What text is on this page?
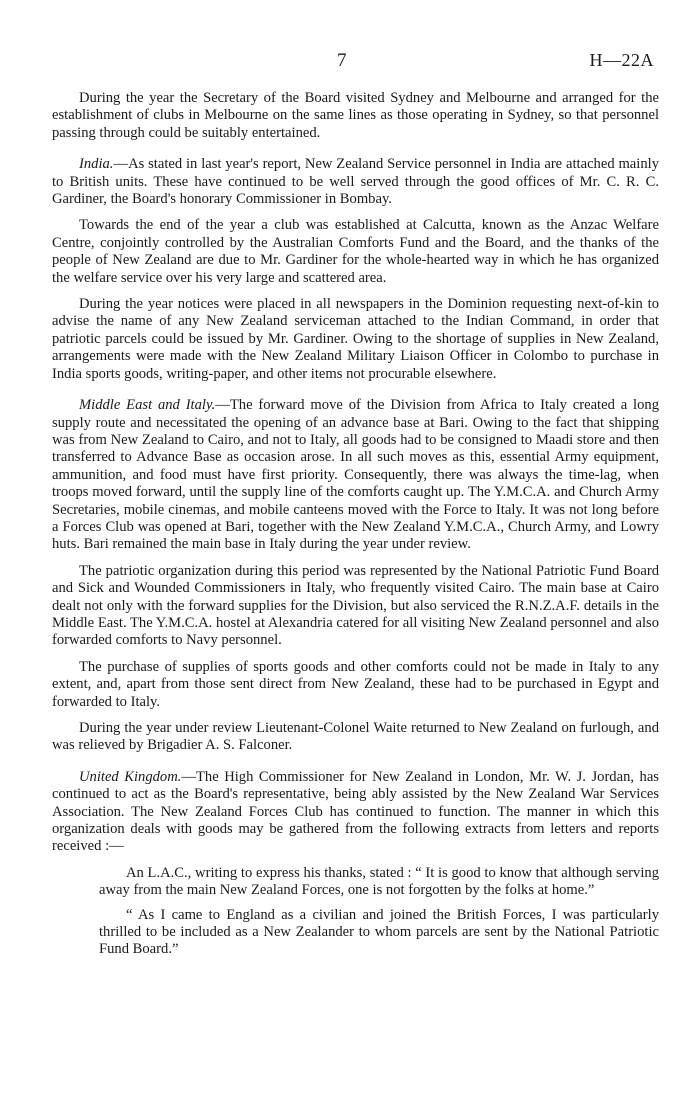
7	H—22A

During the year the Secretary of the Board visited Sydney and Melbourne and arranged for the establishment of clubs in Melbourne on the same lines as those operating in Sydney, so that personnel passing through could be suitably entertained.

India.—As stated in last year's report, New Zealand Service personnel in India are attached mainly to British units. These have continued to be well served through the good offices of Mr. C. R. C. Gardiner, the Board's honorary Commissioner in Bombay.

Towards the end of the year a club was established at Calcutta, known as the Anzac Welfare Centre, conjointly controlled by the Australian Comforts Fund and the Board, and the thanks of the people of New Zealand are due to Mr. Gardiner for the whole-hearted way in which he has organized the welfare service over his very large and scattered area.

During the year notices were placed in all newspapers in the Dominion requesting next-of-kin to advise the name of any New Zealand serviceman attached to the Indian Command, in order that patriotic parcels could be issued by Mr. Gardiner. Owing to the shortage of supplies in New Zealand, arrangements were made with the New Zealand Military Liaison Officer in Colombo to purchase in India sports goods, writing-paper, and other items not procurable elsewhere.

Middle East and Italy.—The forward move of the Division from Africa to Italy created a long supply route and necessitated the opening of an advance base at Bari. Owing to the fact that shipping was from New Zealand to Cairo, and not to Italy, all goods had to be consigned to Maadi store and then transferred to Advance Base as occasion arose. In all such moves as this, essential Army equipment, ammunition, and food must have first priority. Consequently, there was always the time-lag, when troops moved forward, until the supply line of the comforts caught up. The Y.M.C.A. and Church Army Secretaries, mobile cinemas, and mobile canteens moved with the Force to Italy. It was not long before a Forces Club was opened at Bari, together with the New Zealand Y.M.C.A., Church Army, and Lowry huts. Bari remained the main base in Italy during the year under review.

The patriotic organization during this period was represented by the National Patriotic Fund Board and Sick and Wounded Commissioners in Italy, who frequently visited Cairo. The main base at Cairo dealt not only with the forward supplies for the Division, but also serviced the R.N.Z.A.F. details in the Middle East. The Y.M.C.A. hostel at Alexandria catered for all visiting New Zealand personnel and also forwarded comforts to Navy personnel.

The purchase of supplies of sports goods and other comforts could not be made in Italy to any extent, and, apart from those sent direct from New Zealand, these had to be purchased in Egypt and forwarded to Italy.

During the year under review Lieutenant-Colonel Waite returned to New Zealand on furlough, and was relieved by Brigadier A. S. Falconer.

United Kingdom.—The High Commissioner for New Zealand in London, Mr. W. J. Jordan, has continued to act as the Board's representative, being ably assisted by the New Zealand War Services Association. The New Zealand Forces Club has continued to function. The manner in which this organization deals with goods may be gathered from the following extracts from letters and reports received :—

An L.A.C., writing to express his thanks, stated : “ It is good to know that although serving away from the main New Zealand Forces, one is not forgotten by the folks at home.”

“ As I came to England as a civilian and joined the British Forces, I was particularly thrilled to be included as a New Zealander to whom parcels are sent by the National Patriotic Fund Board.”
